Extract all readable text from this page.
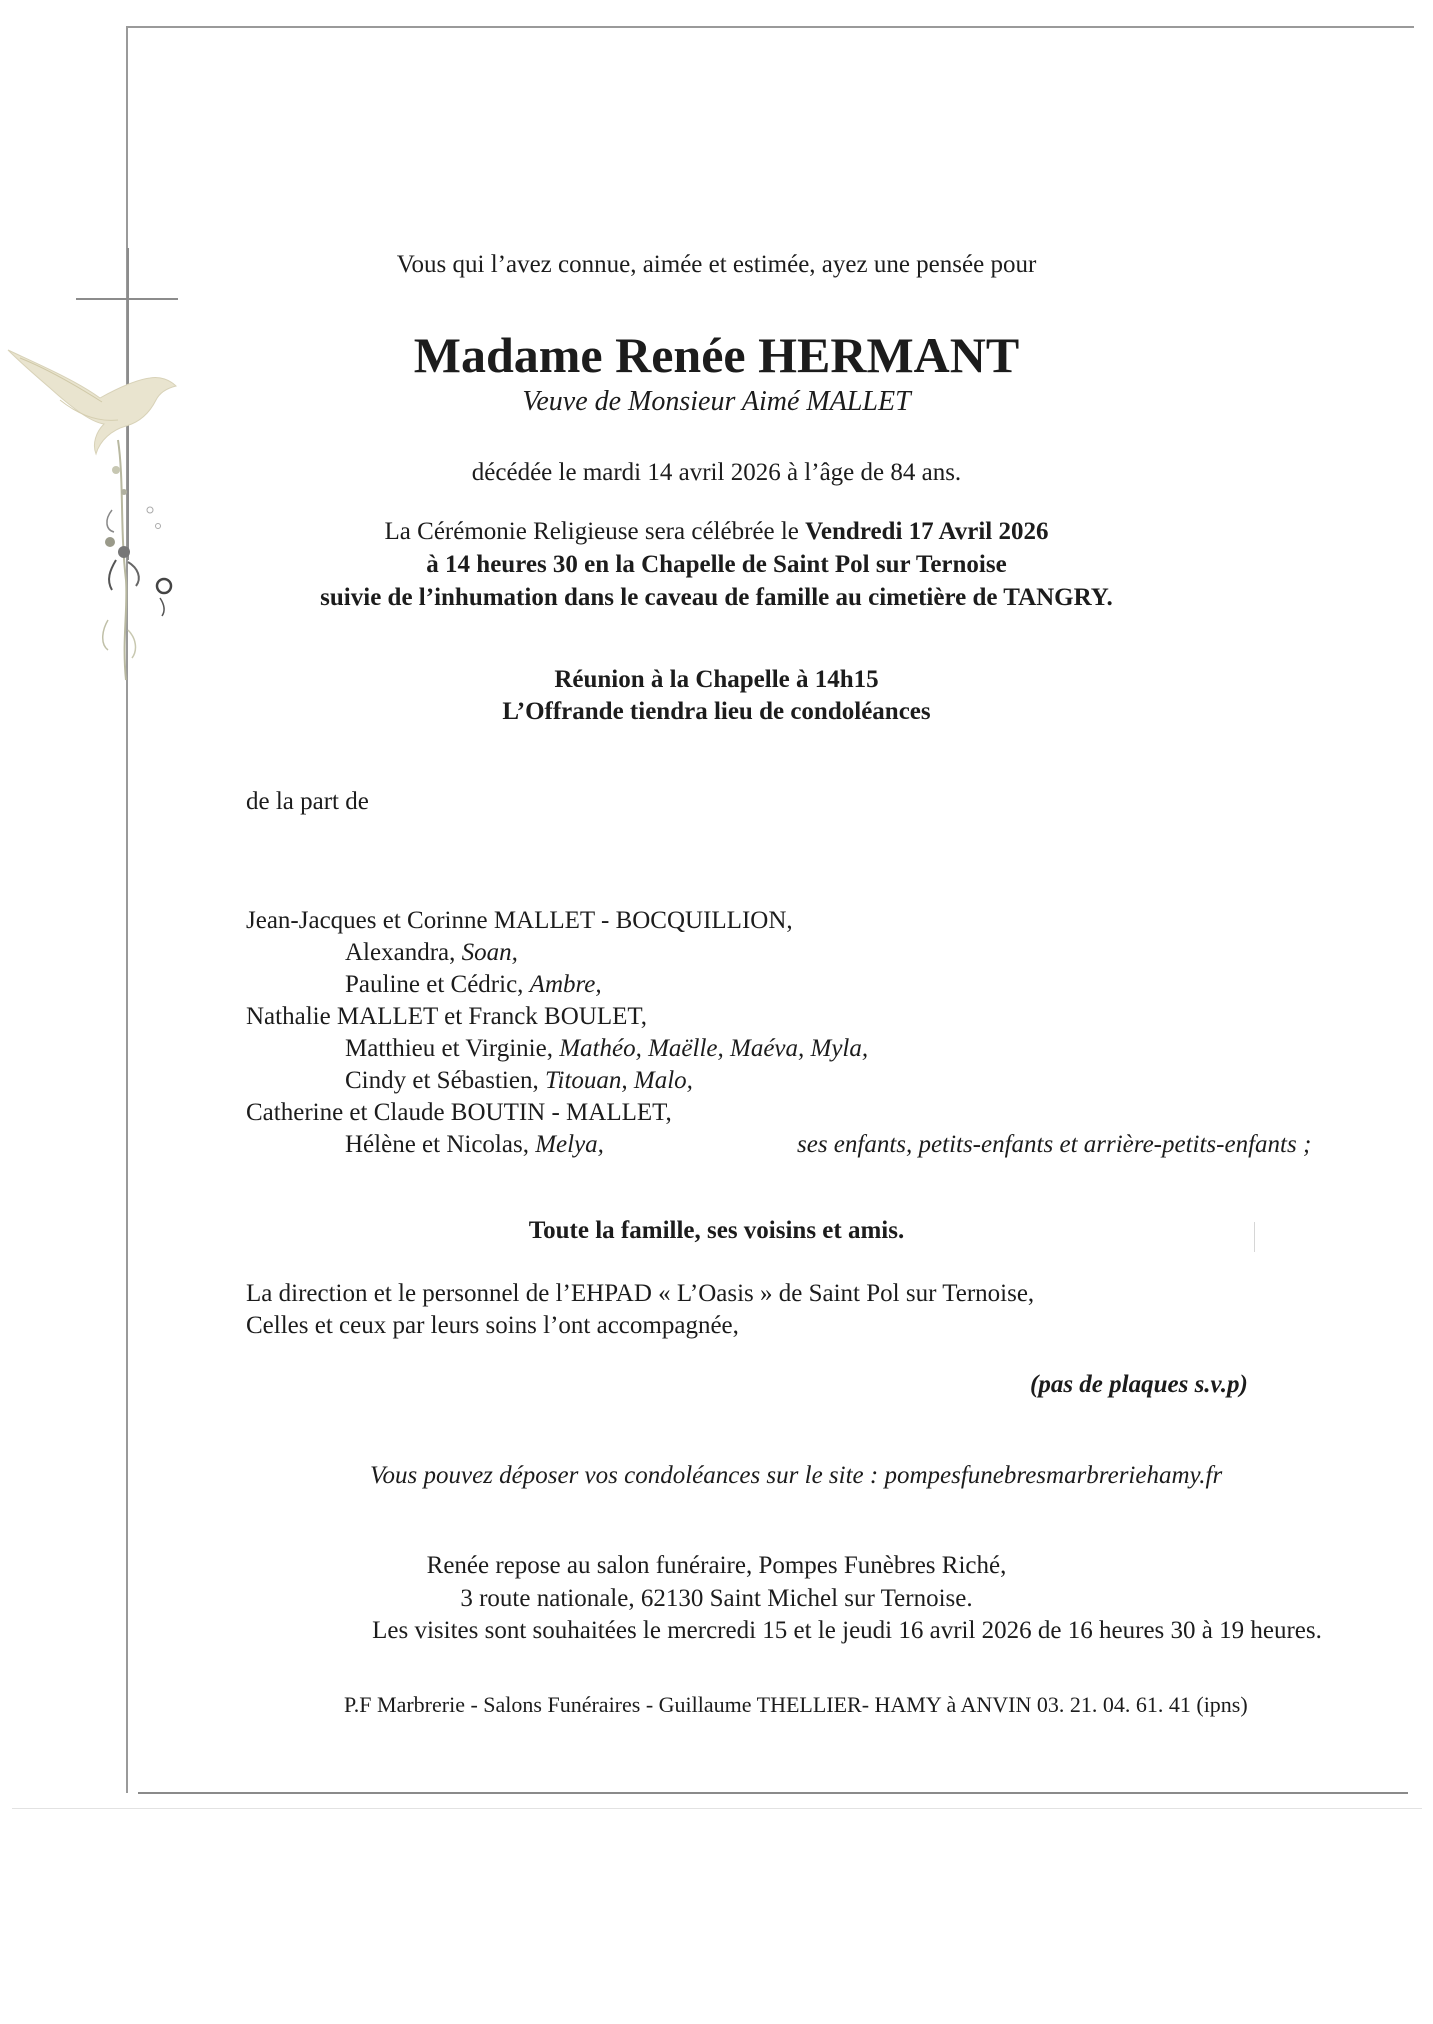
Vous qui l’avez connue, aimée et estimée, ayez une pensée pour
Madame Renée HERMANT
Veuve de Monsieur Aimé MALLET
décédée le mardi 14 avril 2026 à l’âge de 84 ans.
La Cérémonie Religieuse sera célébrée le Vendredi 17 Avril 2026
à 14 heures 30 en la Chapelle de Saint Pol sur Ternoise
suivie de l’inhumation dans le caveau de famille au cimetière de TANGRY.
Réunion à la Chapelle à 14h15
L’Offrande tiendra lieu de condoléances
de la part de
Jean-Jacques et Corinne MALLET - BOCQUILLION,
Alexandra, Soan,
Pauline et Cédric, Ambre,
Nathalie MALLET et Franck BOULET,
Matthieu et Virginie, Mathéo, Maëlle, Maéva, Myla,
Cindy et Sébastien, Titouan, Malo,
Catherine et Claude BOUTIN - MALLET,
Hélène et Nicolas, Melya,	ses enfants, petits-enfants et arrière-petits-enfants ;
Toute la famille, ses voisins et amis.
La direction et le personnel de l’EHPAD « L’Oasis » de Saint Pol sur Ternoise,
Celles et ceux par leurs soins l’ont accompagnée,
(pas de plaques s.v.p)
Vous pouvez déposer vos condoléances sur le site : pompesfunebresmarbreriehamy.fr
Renée repose au salon funéraire, Pompes Funèbres Riché,
3 route nationale, 62130 Saint Michel sur Ternoise.
Les visites sont souhaitées le mercredi 15 et le jeudi 16 avril 2026 de 16 heures 30 à 19 heures.
P.F Marbrerie - Salons Funéraires - Guillaume THELLIER- HAMY à ANVIN 03. 21. 04. 61. 41 (ipns)
